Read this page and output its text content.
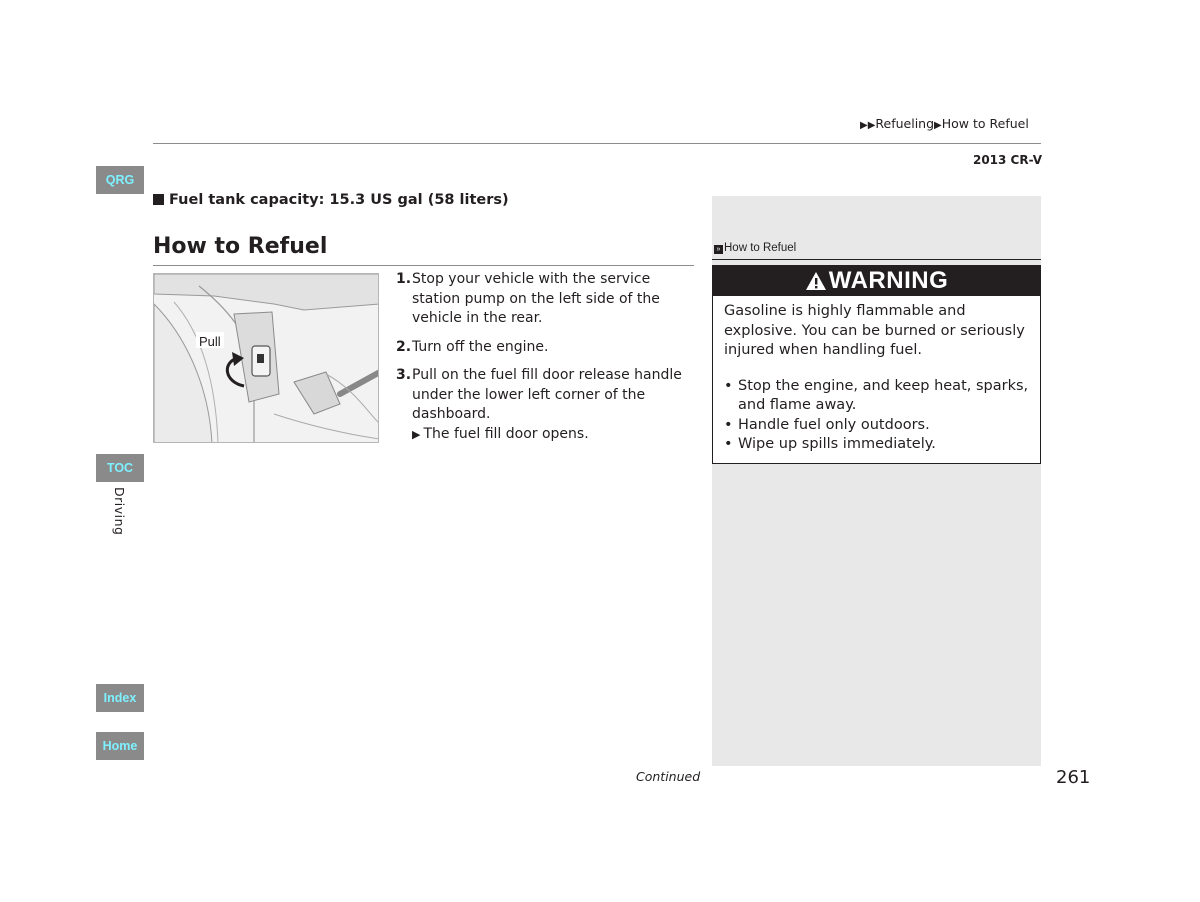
▶▶Refueling▶How to Refuel
2013 CR-V
QRG
TOC
Driving
Index
Home
Fuel tank capacity: 15.3 US gal (58 liters)
How to Refuel
Pull
1. Stop your vehicle with the service station pump on the left side of the vehicle in the rear.
2. Turn off the engine.
3. Pull on the fuel fill door release handle under the lower left corner of the dashboard.
▶ The fuel fill door opens.
» How to Refuel
WARNING
Gasoline is highly flammable and explosive. You can be burned or seriously injured when handling fuel.
• Stop the engine, and keep heat, sparks, and flame away.
• Handle fuel only outdoors.
• Wipe up spills immediately.
Continued	261
